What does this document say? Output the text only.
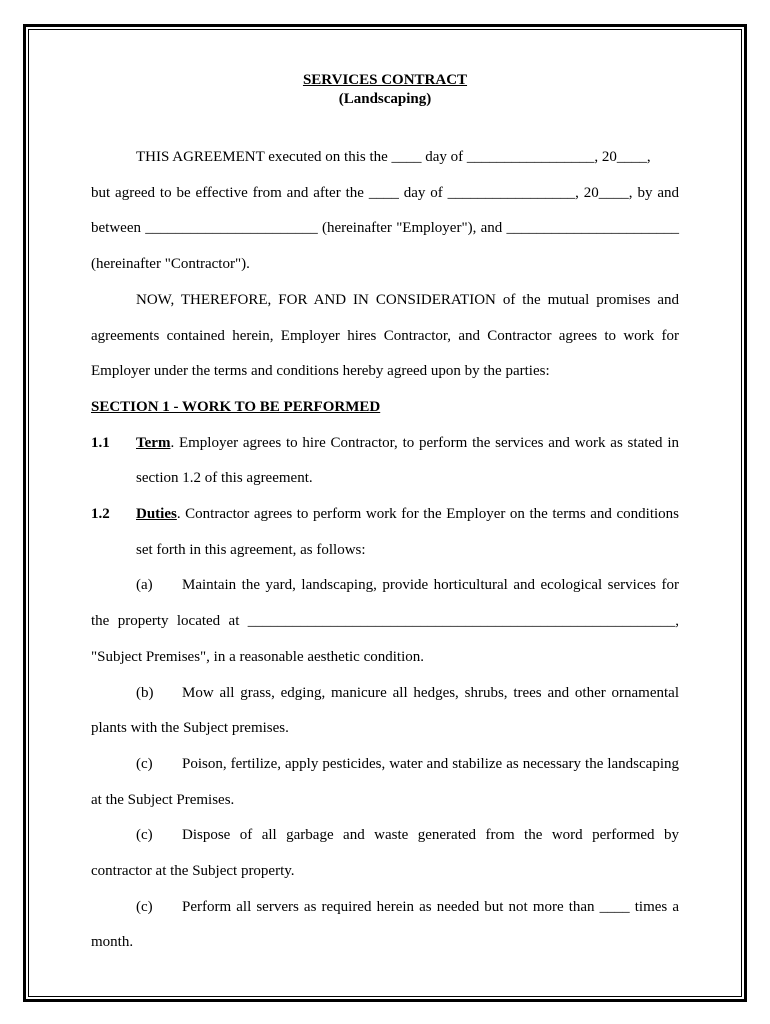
SERVICES CONTRACT
(Landscaping)

THIS AGREEMENT executed on this the ____ day of _________________, 20____,

but agreed to be effective from and after the ____ day of _________________, 20____, by and between _______________________ (hereinafter "Employer"), and _______________________ (hereinafter "Contractor").

NOW, THEREFORE, FOR AND IN CONSIDERATION of the mutual promises and agreements contained herein, Employer hires Contractor, and Contractor agrees to work for Employer under the terms and conditions hereby agreed upon by the parties:

SECTION 1 - WORK TO BE PERFORMED

1.1	Term. Employer agrees to hire Contractor, to perform the services and work as stated in section 1.2 of this agreement.
1.2	Duties. Contractor agrees to perform work for the Employer on the terms and conditions set forth in this agreement, as follows:

(a) Maintain the yard, landscaping, provide horticultural and ecological services for the property located at _________________________________________________________, "Subject Premises", in a reasonable aesthetic condition.

(b) Mow all grass, edging, manicure all hedges, shrubs, trees and other ornamental plants with the Subject premises.

(c) Poison, fertilize, apply pesticides, water and stabilize as necessary the landscaping at the Subject Premises.

(c) Dispose of all garbage and waste generated from the word performed by contractor at the Subject property.

(c) Perform all servers as required herein as needed but not more than ____ times a month.
